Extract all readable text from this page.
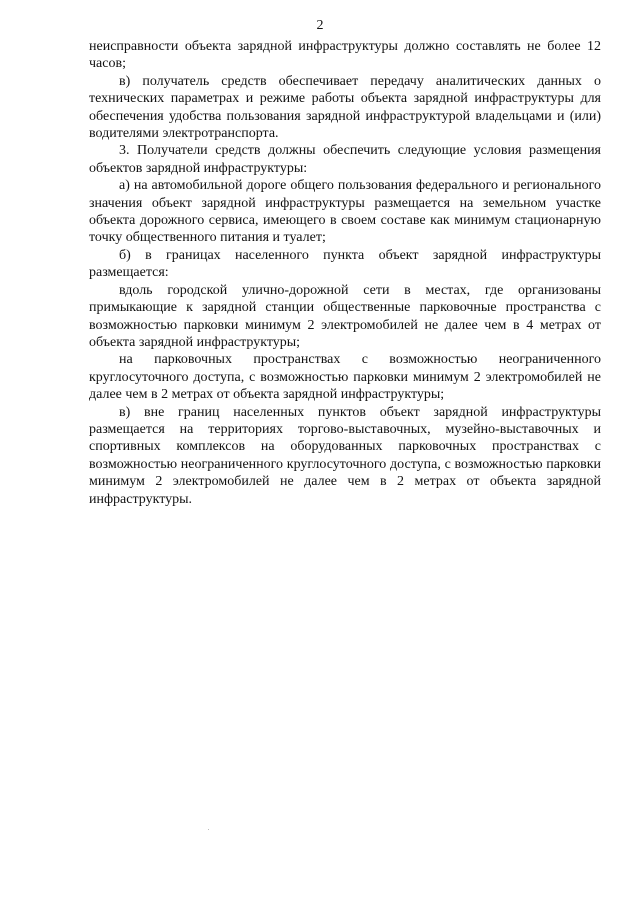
2

неисправности объекта зарядной инфраструктуры должно составлять не более 12 часов;

в) получатель средств обеспечивает передачу аналитических данных о технических параметрах и режиме работы объекта зарядной инфраструктуры для обеспечения удобства пользования зарядной инфраструктурой владельцами и (или) водителями электротранспорта.

3. Получатели средств должны обеспечить следующие условия размещения объектов зарядной инфраструктуры:

а) на автомобильной дороге общего пользования федерального и регионального значения объект зарядной инфраструктуры размещается на земельном участке объекта дорожного сервиса, имеющего в своем составе как минимум стационарную точку общественного питания и туалет;

б) в границах населенного пункта объект зарядной инфраструктуры размещается:

вдоль городской улично-дорожной сети в местах, где организованы примыкающие к зарядной станции общественные парковочные пространства с возможностью парковки минимум 2 электромобилей не далее чем в 4 метрах от объекта зарядной инфраструктуры;

на парковочных пространствах с возможностью неограниченного круглосуточного доступа, с возможностью парковки минимум 2 электромобилей не далее чем в 2 метрах от объекта зарядной инфраструктуры;

в) вне границ населенных пунктов объект зарядной инфраструктуры размещается на территориях торгово-выставочных, музейно-выставочных и спортивных комплексов на оборудованных парковочных пространствах с возможностью неограниченного круглосуточного доступа, с возможностью парковки минимум 2 электромобилей не далее чем в 2 метрах от объекта зарядной инфраструктуры.
